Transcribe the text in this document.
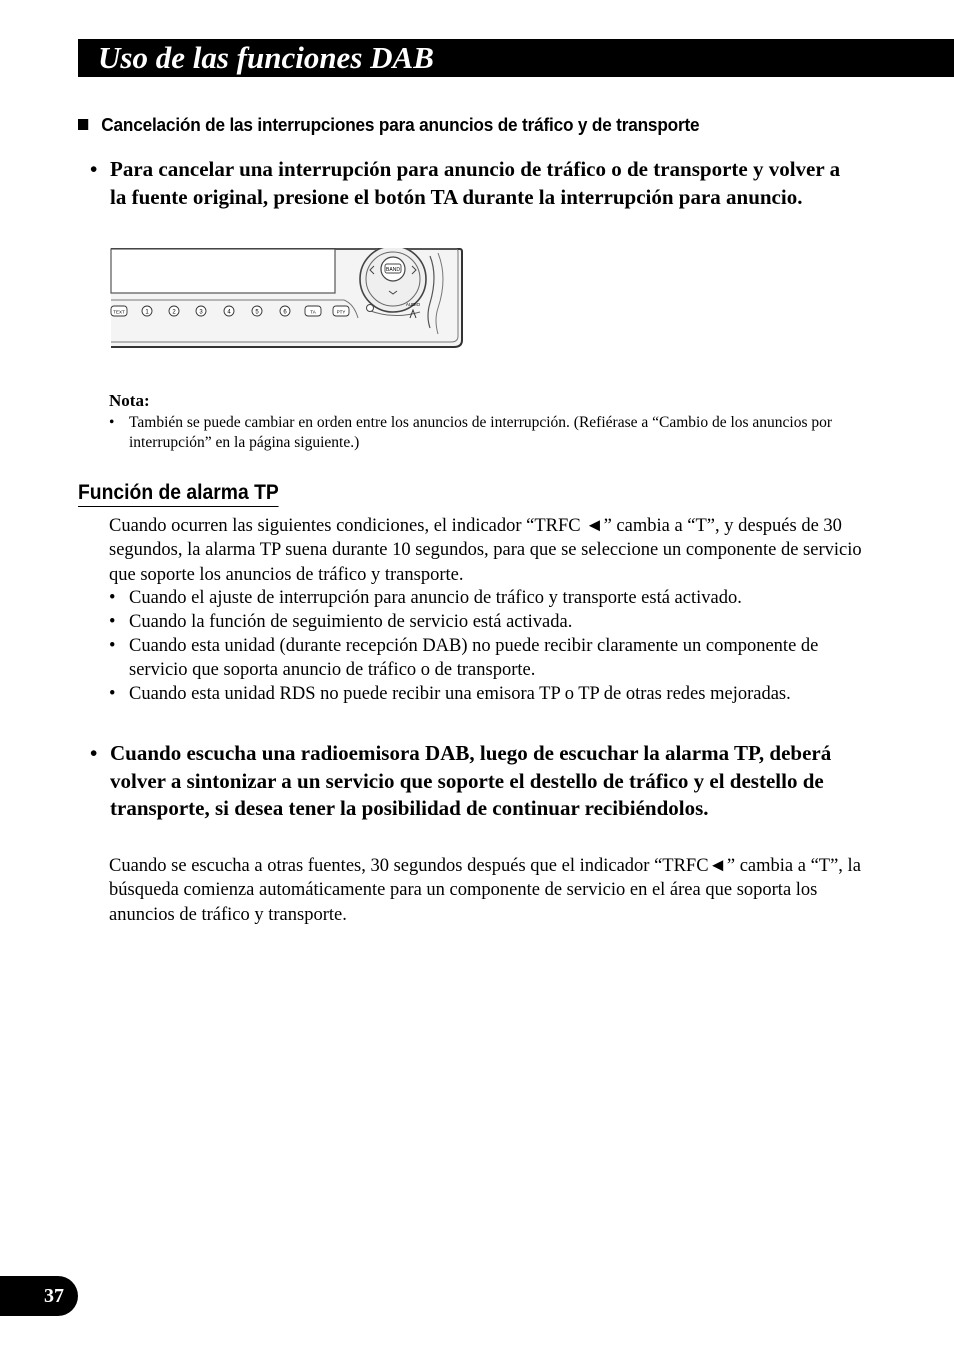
Uso de las funciones DAB
Cancelación de las interrupciones para anuncios de tráfico y de transporte
• Para cancelar una interrupción para anuncio de tráfico o de transporte y volver a la fuente original, presione el botón TA durante la interrupción para anuncio.
BAND
AUDIO
TEXT	1	2	3	4	5	6	TA	PTY
Nota:
• También se puede cambiar en orden entre los anuncios de interrupción. (Refiérase a “Cambio de los anuncios por interrupción” en la página siguiente.)
Función de alarma TP
Cuando ocurren las siguientes condiciones, el indicador “TRFC ◄” cambia a “T”, y después de 30 segundos, la alarma TP suena durante 10 segundos, para que se seleccione un componente de servicio que soporte los anuncios de tráfico y transporte.
• Cuando el ajuste de interrupción para anuncio de tráfico y transporte está activado.
• Cuando la función de seguimiento de servicio está activada.
• Cuando esta unidad (durante recepción DAB) no puede recibir claramente un componente de servicio que soporta anuncio de tráfico o de transporte.
• Cuando esta unidad RDS no puede recibir una emisora TP o TP de otras redes mejoradas.
• Cuando escucha una radioemisora DAB, luego de escuchar la alarma TP, deberá volver a sintonizar a un servicio que soporte el destello de tráfico y el destello de transporte, si desea tener la posibilidad de continuar recibiéndolos.
Cuando se escucha a otras fuentes, 30 segundos después que el indicador “TRFC◄” cambia a “T”, la búsqueda comienza automáticamente para un componente de servicio en el área que soporta los anuncios de tráfico y transporte.
37
